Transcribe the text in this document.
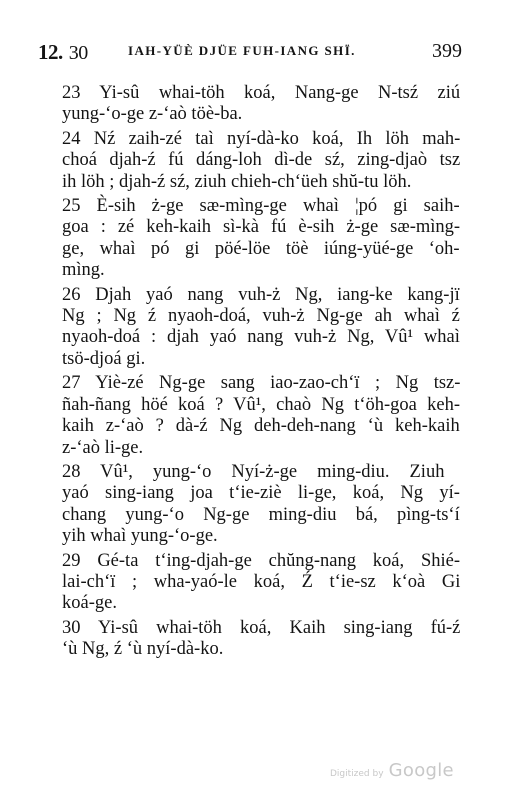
12. 30	IAH-YÜÈ DJÜE FUH-IANG SHÏ.	399
23 Yi-sû whai-töh koá, Nang-ge N-tsź ziú
yung-‘o-ge z-‘aò töè-ba.
24 Nź zaih-zé taì nyí-dà-ko koá, Ih löh mah-
choá djah-ź fú dáng-loh dì-de sź, zing-djaò tsz
ih löh ; djah-ź sź, ziuh chieh-ch‘üeh shŭ-tu löh.
25 È-sih ż-ge sæ-mìng-ge whaì ¦pó gi saih-
goa : zé keh-kaih sì-kà fú è-sih ż-ge sæ-mìng-
ge, whaì pó gi pöé-löe töè iúng-yüé-ge ‘oh-
mìng.
26 Djah yaó nang vuh-ż Ng, iang-ke kang-jï
Ng ; Ng ź nyaoh-doá, vuh-ż Ng-ge ah whaì ź
nyaoh-doá : djah yaó nang vuh-ż Ng, Vû¹ whaì
tsö-djoá gi.
27 Yiè-zé Ng-ge sang iao-zao-ch‘ï ; Ng tsz-
ñah-ñang höé koá ? Vû¹, chaò Ng t‘öh-goa keh-
kaih z-‘aò ? dà-ź Ng deh-deh-nang ‘ù keh-kaih
z-‘aò li-ge.
28 Vû¹, yung-‘o Nyí-ż-ge ming-diu. Ziuh
yaó sing-iang joa t‘ie-ziè li-ge, koá, Ng yí-
chang yung-‘o Ng-ge ming-diu bá, pìng-ts‘í
yih whaì yung-‘o-ge.
29 Gé-ta t‘ing-djah-ge chŭng-nang koá, Shié-
lai-ch‘ï ; wha-yaó-le koá, Ź t‘ie-sz k‘oà Gi
koá-ge.
30 Yi-sû whai-töh koá, Kaih sing-iang fú-ź
‘ù Ng, ź ‘ù nyí-dà-ko.
Digitized by Google
